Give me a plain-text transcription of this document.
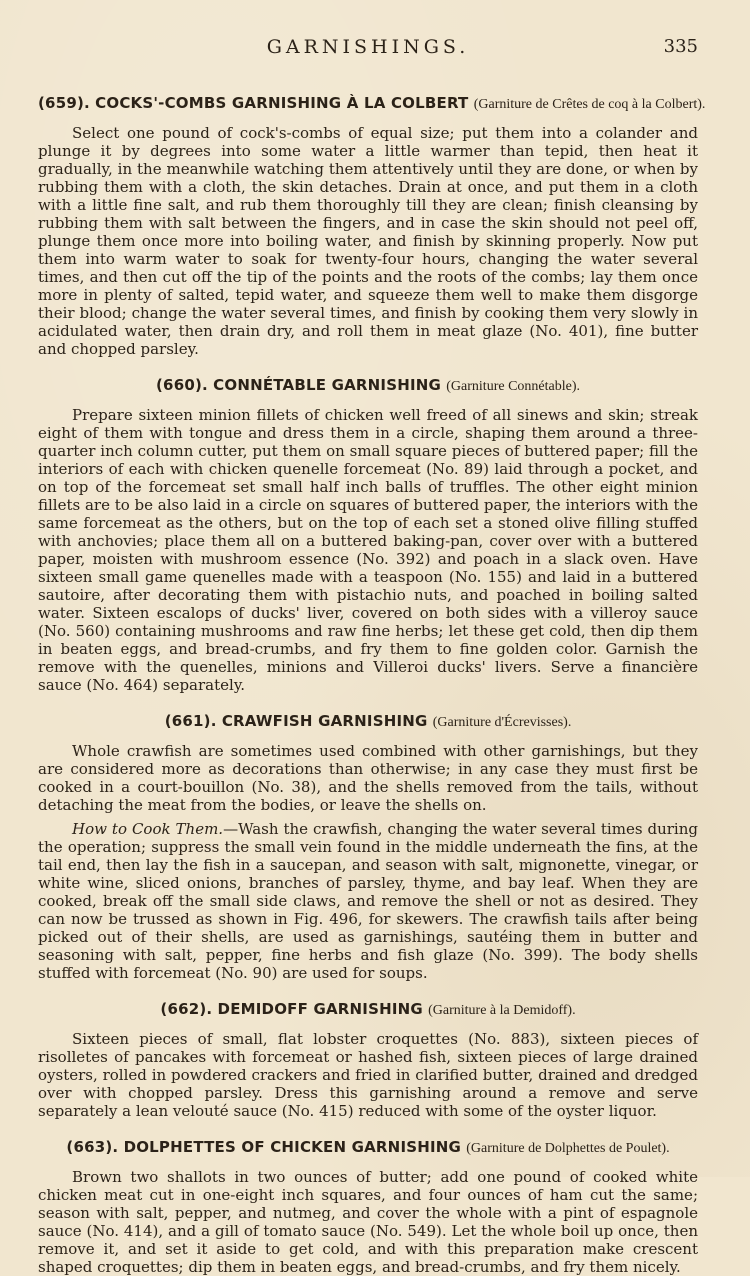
GARNISHINGS.	335
(659). COCKS'-COMBS GARNISHING À LA COLBERT (Garniture de Crêtes de coq à la Colbert).

Select one pound of cock's-combs of equal size; put them into a colander and plunge it by degrees into some water a little warmer than tepid, then heat it gradually, in the meanwhile watching them attentively until they are done, or when by rubbing them with a cloth, the skin detaches. Drain at once, and put them in a cloth with a little fine salt, and rub them thoroughly till they are clean; finish cleansing by rubbing them with salt between the fingers, and in case the skin should not peel off, plunge them once more into boiling water, and finish by skinning properly. Now put them into warm water to soak for twenty-four hours, changing the water several times, and then cut off the tip of the points and the roots of the combs; lay them once more in plenty of salted, tepid water, and squeeze them well to make them disgorge their blood; change the water several times, and finish by cooking them very slowly in acidulated water, then drain dry, and roll them in meat glaze (No. 401), fine butter and chopped parsley.

(660). CONNÉTABLE GARNISHING (Garniture Connétable).

Prepare sixteen minion fillets of chicken well freed of all sinews and skin; streak eight of them with tongue and dress them in a circle, shaping them around a three-quarter inch column cutter, put them on small square pieces of buttered paper; fill the interiors of each with chicken quenelle forcemeat (No. 89) laid through a pocket, and on top of the forcemeat set small half inch balls of truffles. The other eight minion fillets are to be also laid in a circle on squares of buttered paper, the interiors with the same forcemeat as the others, but on the top of each set a stoned olive filling stuffed with anchovies; place them all on a buttered baking-pan, cover over with a buttered paper, moisten with mushroom essence (No. 392) and poach in a slack oven. Have sixteen small game quenelles made with a teaspoon (No. 155) and laid in a buttered sautoire, after decorating them with pistachio nuts, and poached in boiling salted water. Sixteen escalops of ducks' liver, covered on both sides with a villeroy sauce (No. 560) containing mushrooms and raw fine herbs; let these get cold, then dip them in beaten eggs, and bread-crumbs, and fry them to fine golden color. Garnish the remove with the quenelles, minions and Villeroi ducks' livers. Serve a financière sauce (No. 464) separately.

(661). CRAWFISH GARNISHING (Garniture d'Écrevisses).

Whole crawfish are sometimes used combined with other garnishings, but they are considered more as decorations than otherwise; in any case they must first be cooked in a court-bouillon (No. 38), and the shells removed from the tails, without detaching the meat from the bodies, or leave the shells on.

How to Cook Them.—Wash the crawfish, changing the water several times during the operation; suppress the small vein found in the middle underneath the fins, at the tail end, then lay the fish in a saucepan, and season with salt, mignonette, vinegar, or white wine, sliced onions, branches of parsley, thyme, and bay leaf. When they are cooked, break off the small side claws, and remove the shell or not as desired. They can now be trussed as shown in Fig. 496, for skewers. The crawfish tails after being picked out of their shells, are used as garnishings, sautéing them in butter and seasoning with salt, pepper, fine herbs and fish glaze (No. 399). The body shells stuffed with forcemeat (No. 90) are used for soups.

(662). DEMIDOFF GARNISHING (Garniture à la Demidoff).

Sixteen pieces of small, flat lobster croquettes (No. 883), sixteen pieces of risolletes of pancakes with forcemeat or hashed fish, sixteen pieces of large drained oysters, rolled in powdered crackers and fried in clarified butter, drained and dredged over with chopped parsley. Dress this garnishing around a remove and serve separately a lean velouté sauce (No. 415) reduced with some of the oyster liquor.

(663). DOLPHETTES OF CHICKEN GARNISHING (Garniture de Dolphettes de Poulet).

Brown two shallots in two ounces of butter; add one pound of cooked white chicken meat cut in one-eight inch squares, and four ounces of ham cut the same; season with salt, pepper, and nutmeg, and cover the whole with a pint of espagnole sauce (No. 414), and a gill of tomato sauce (No. 549). Let the whole boil up once, then remove it, and set it aside to get cold, and with this preparation make crescent shaped croquettes; dip them in beaten eggs, and bread-crumbs, and fry them nicely.
